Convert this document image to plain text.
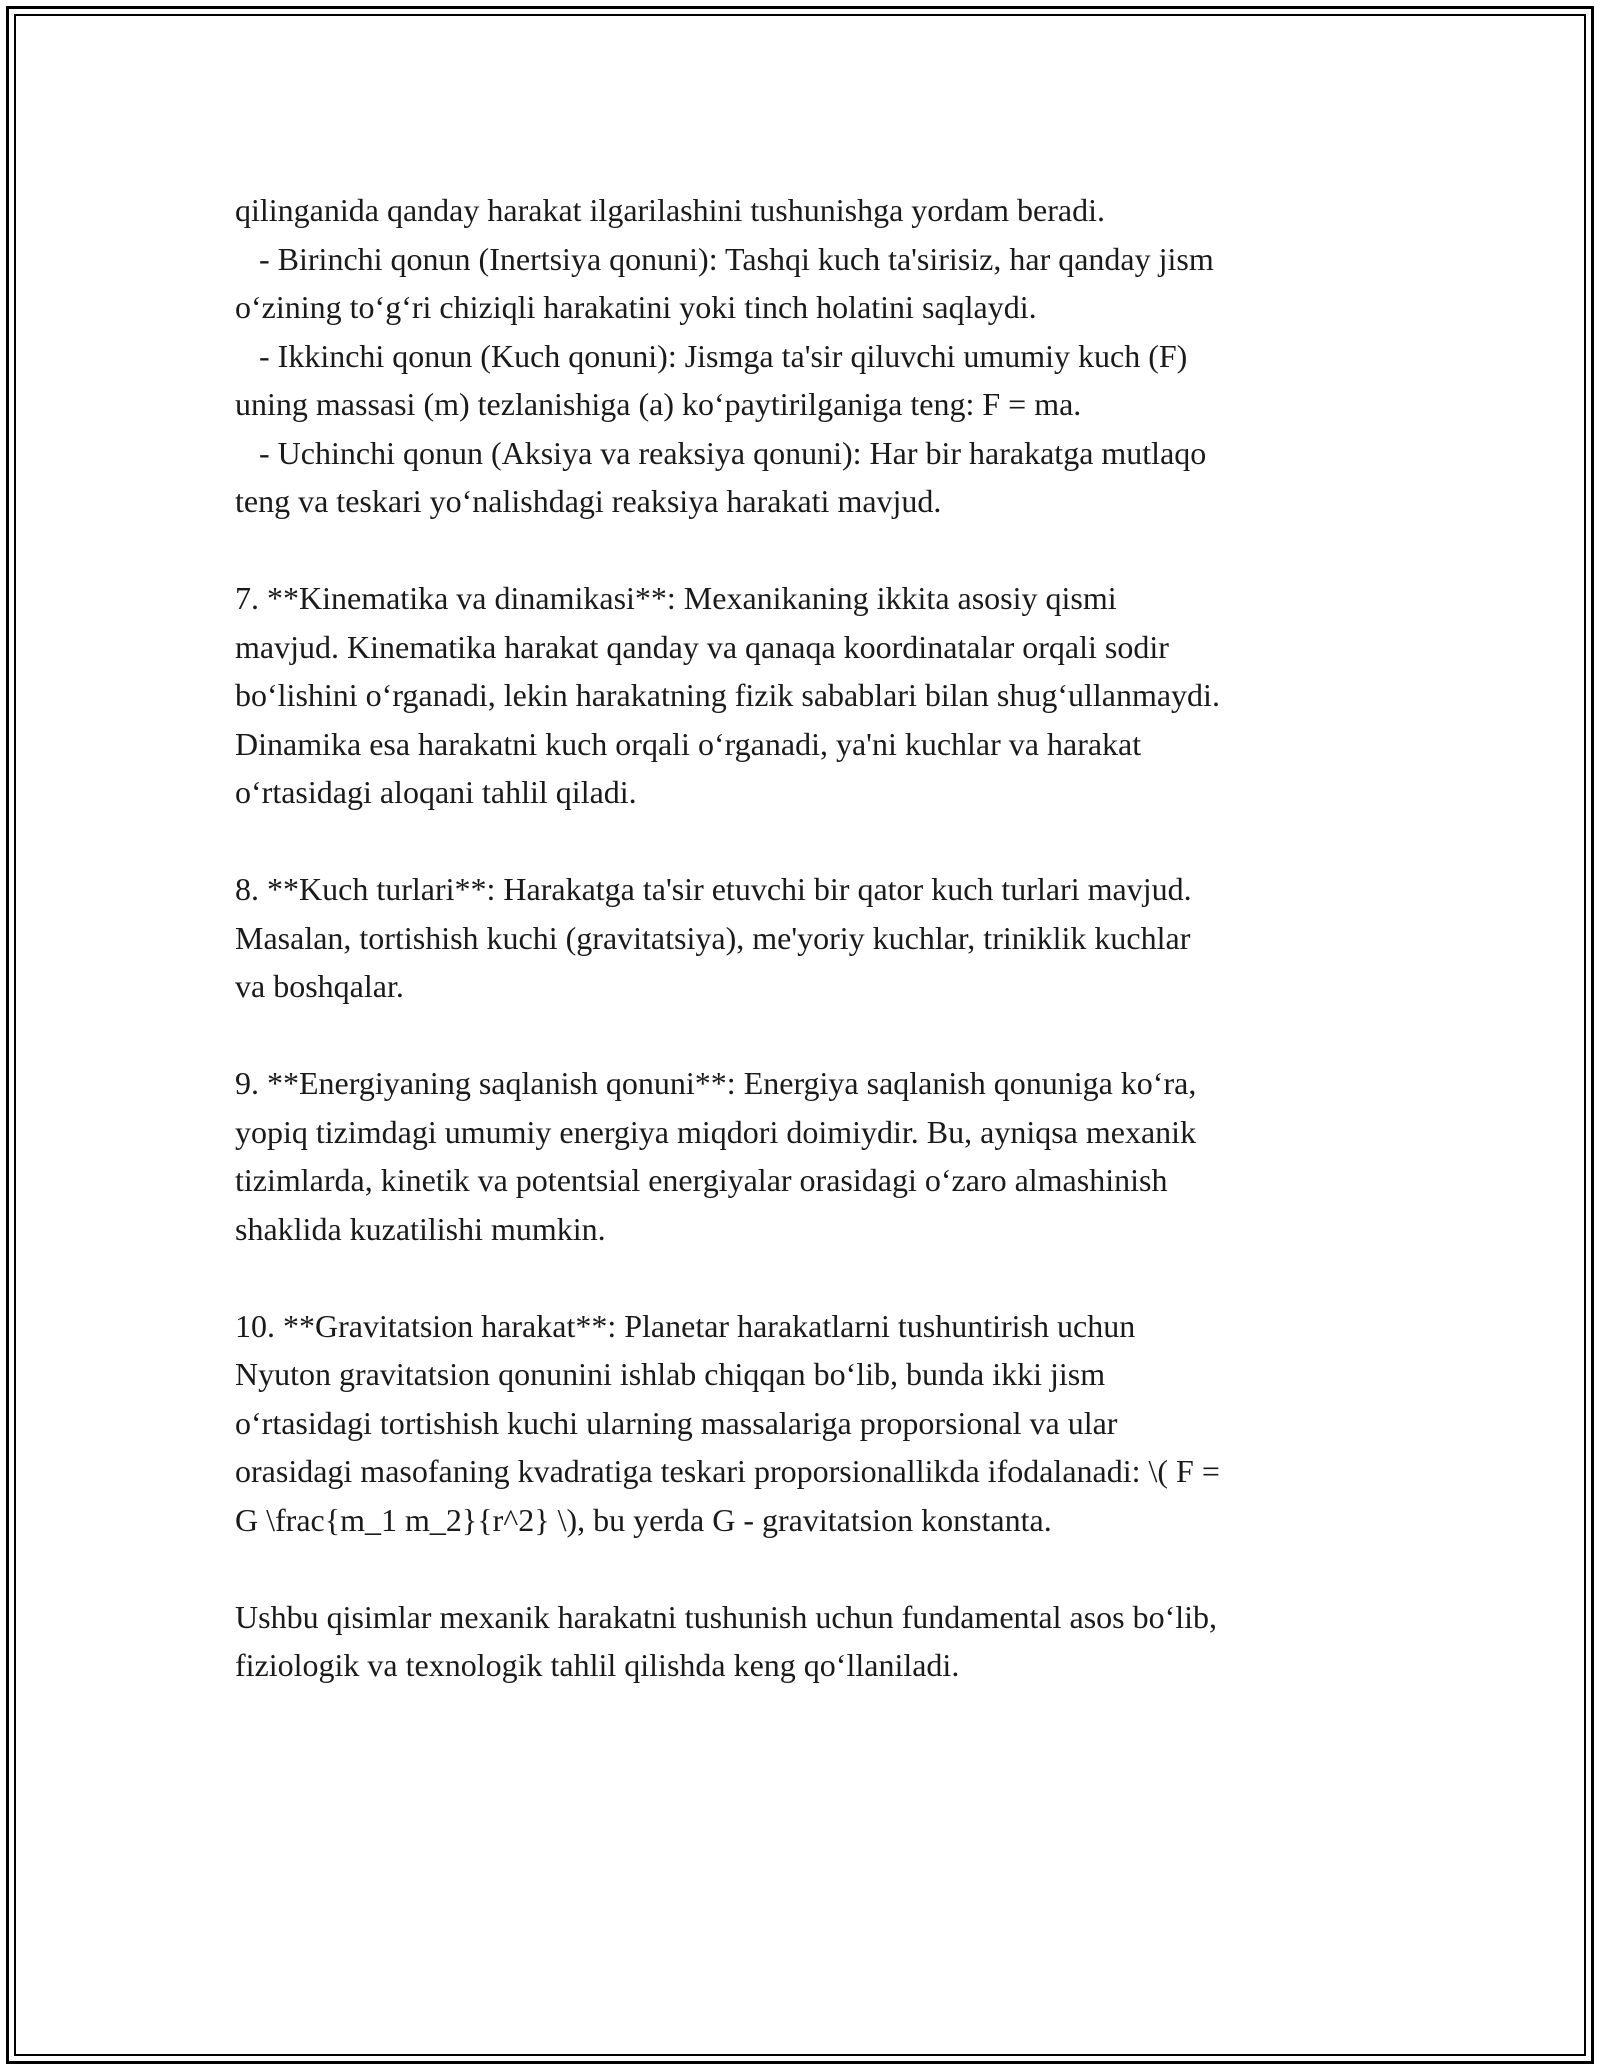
qilinganida qanday harakat ilgarilashini tushunishga yordam beradi.
- Birinchi qonun (Inertsiya qonuni): Tashqi kuch ta'sirisiz, har qanday jism
o‘zining to‘g‘ri chiziqli harakatini yoki tinch holatini saqlaydi.
- Ikkinchi qonun (Kuch qonuni): Jismga ta'sir qiluvchi umumiy kuch (F)
uning massasi (m) tezlanishiga (a) ko‘paytirilganiga teng: F = ma.
- Uchinchi qonun (Aksiya va reaksiya qonuni): Har bir harakatga mutlaqo
teng va teskari yo‘nalishdagi reaksiya harakati mavjud.
7. **Kinematika va dinamikasi**: Mexanikaning ikkita asosiy qismi
mavjud. Kinematika harakat qanday va qanaqa koordinatalar orqali sodir
bo‘lishini o‘rganadi, lekin harakatning fizik sabablari bilan shug‘ullanmaydi.
Dinamika esa harakatni kuch orqali o‘rganadi, ya'ni kuchlar va harakat
o‘rtasidagi aloqani tahlil qiladi.
8. **Kuch turlari**: Harakatga ta'sir etuvchi bir qator kuch turlari mavjud.
Masalan, tortishish kuchi (gravitatsiya), me'yoriy kuchlar, triniklik kuchlar
va boshqalar.
9. **Energiyaning saqlanish qonuni**: Energiya saqlanish qonuniga ko‘ra,
yopiq tizimdagi umumiy energiya miqdori doimiydir. Bu, ayniqsa mexanik
tizimlarda, kinetik va potentsial energiyalar orasidagi o‘zaro almashinish
shaklida kuzatilishi mumkin.
10. **Gravitatsion harakat**: Planetar harakatlarni tushuntirish uchun
Nyuton gravitatsion qonunini ishlab chiqqan bo‘lib, bunda ikki jism
o‘rtasidagi tortishish kuchi ularning massalariga proporsional va ular
orasidagi masofaning kvadratiga teskari proporsionallikda ifodalanadi: \( F =
G \frac{m_1 m_2}{r^2} \), bu yerda G - gravitatsion konstanta.
Ushbu qisimlar mexanik harakatni tushunish uchun fundamental asos bo‘lib,
fiziologik va texnologik tahlil qilishda keng qo‘llaniladi.
